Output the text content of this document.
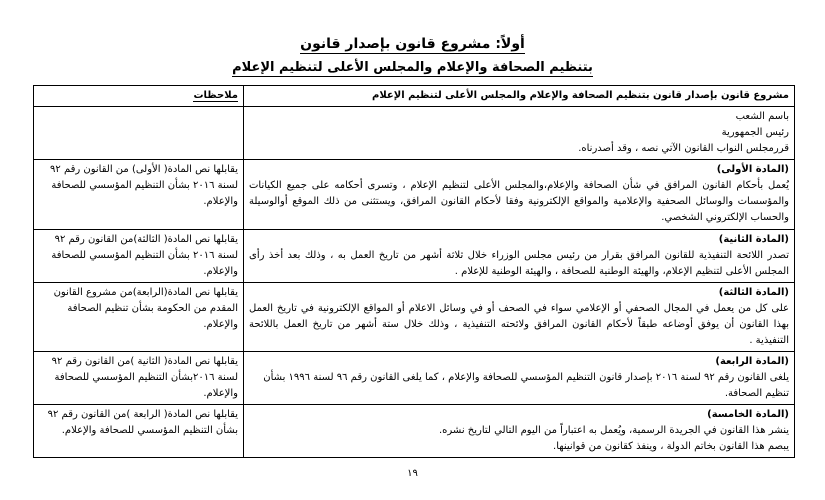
أولاً: مشروع قانون بإصدار قانون
بتنظيم الصحافة والإعلام والمجلس الأعلى لتنظيم الإعلام
مشروع قانون بإصدار قانون بتنظيم الصحافة والإعلام والمجلس الأعلى لتنظيم الإعلام	ملاحظات

باسم الشعب

رئيس الجمهورية

قررمجلس النواب القانون الآتي نصه ، وقد أصدرناه.	

(المادة الأولى)

يُعمل بأحكام القانون المرافق في شأن الصحافة والإعلام،والمجلس الأعلى لتنظيم الإعلام ، وتسرى أحكامه على جميع الكيانات والمؤسسات والوسائل الصحفية والإعلامية والمواقع الإلكترونية وفقا لأحكام القانون المرافق، ويستثنى من ذلك الموقع أوالوسيلة والحساب الإلكتروني الشخصي.	يقابلها نص المادة( الأولى) من القانون رقم ٩٢ لسنة ٢٠١٦ بشأن التنظيم المؤسسي للصحافة والإعلام.

(المادة الثانية)

تصدر اللائحة التنفيذية للقانون المرافق بقرار من رئيس مجلس الوزراء خلال ثلاثة أشهر من تاريخ العمل به ، وذلك بعد أخذ رأى المجلس الأعلى لتنظيم الإعلام، والهيئة الوطنية للصحافة ، والهيئة الوطنية للإعلام .	يقابلها نص المادة( الثالثة)من القانون رقم ٩٢ لسنة ٢٠١٦ بشأن التنظيم المؤسسي للصحافة والإعلام.

(المادة الثالثة)

على كل من يعمل في المجال الصحفي أو الإعلامي سواء في الصحف أو في وسائل الاعلام أو المواقع الإلكترونية في تاريخ العمل بهذا القانون أن يوفق أوضاعه طبقاً لأحكام القانون المرافق ولائحته التنفيذية ، وذلك خلال ستة أشهر من تاريخ العمل باللائحة التنفيذية .	يقابلها نص المادة(الرابعة)من مشروع القانون المقدم من الحكومة بشأن تنظيم الصحافة والإعلام.

(المادة الرابعة)

يلغى القانون رقم ٩٢ لسنة ٢٠١٦ بإصدار قانون التنظيم المؤسسي للصحافة والإعلام ، كما يلغى القانون رقم ٩٦ لسنة ١٩٩٦ بشأن تنظيم الصحافة.	يقابلها نص المادة( الثانية )من القانون رقم ٩٢ لسنة ٢٠١٦بشأن التنظيم المؤسسي للصحافة والإعلام.

(المادة الخامسة)

ينشر هذا القانون في الجريدة الرسمية، ويُعمل به اعتباراً من اليوم التالي لتاريخ نشره.

يبصم هذا القانون بخاتم الدولة ، وينفذ كقانون من قوانينها.	يقابلها نص المادة( الرابعة )من القانون رقم ٩٢ بشأن التنظيم المؤسسي للصحافة والإعلام.
١٩
